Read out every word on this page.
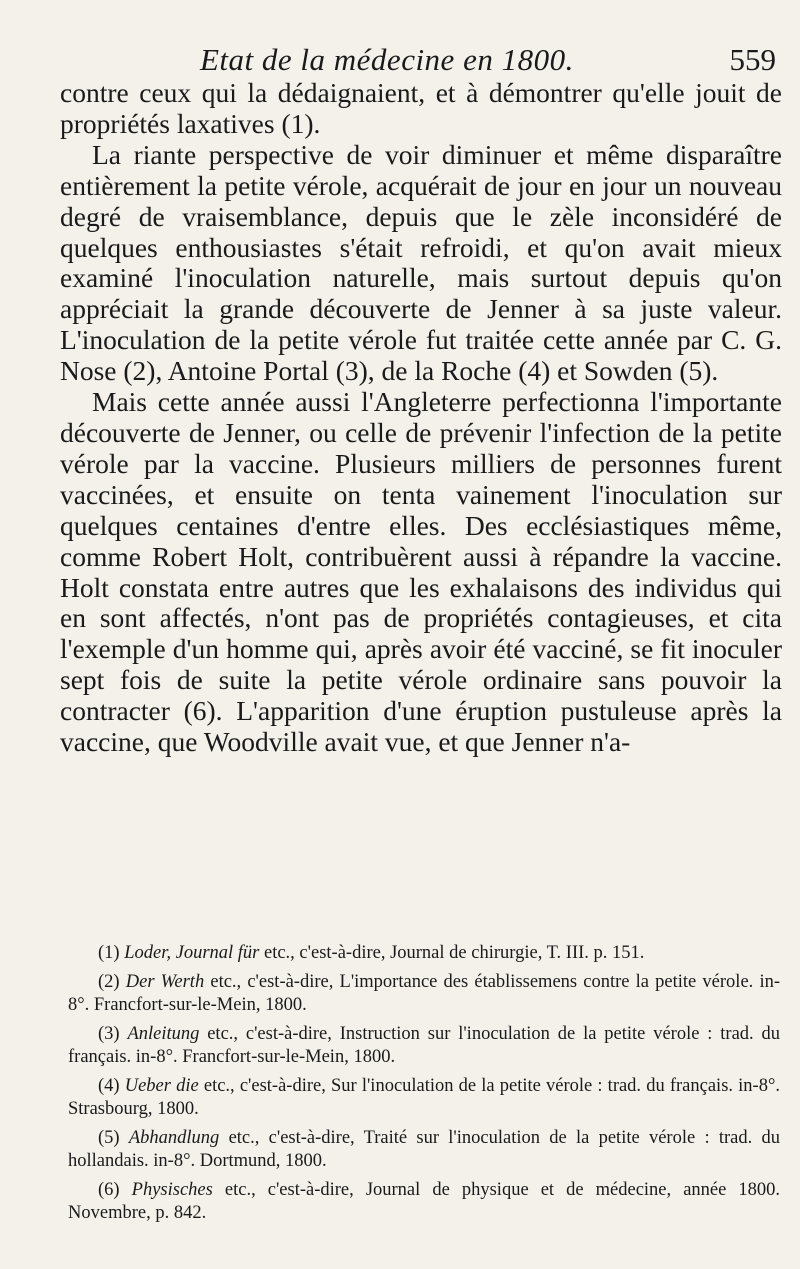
Etat de la médecine en 1800.	559

contre ceux qui la dédaignaient, et à démontrer qu'elle jouit de propriétés laxatives (1).

La riante perspective de voir diminuer et même disparaître entièrement la petite vérole, acquérait de jour en jour un nouveau degré de vraisemblance, depuis que le zèle inconsidéré de quelques enthousiastes s'était refroidi, et qu'on avait mieux examiné l'inoculation naturelle, mais surtout depuis qu'on appréciait la grande découverte de Jenner à sa juste valeur. L'inoculation de la petite vérole fut traitée cette année par C. G. Nose (2), Antoine Portal (3), de la Roche (4) et Sowden (5).

Mais cette année aussi l'Angleterre perfectionna l'importante découverte de Jenner, ou celle de prévenir l'infection de la petite vérole par la vaccine. Plusieurs milliers de personnes furent vaccinées, et ensuite on tenta vainement l'inoculation sur quelques centaines d'entre elles. Des ecclésiastiques même, comme Robert Holt, contribuèrent aussi à répandre la vaccine. Holt constata entre autres que les exhalaisons des individus qui en sont affectés, n'ont pas de propriétés contagieuses, et cita l'exemple d'un homme qui, après avoir été vacciné, se fit inoculer sept fois de suite la petite vérole ordinaire sans pouvoir la contracter (6). L'apparition d'une éruption pustuleuse après la vaccine, que Woodville avait vue, et que Jenner n'a-

(1) Loder, Journal für etc., c'est-à-dire, Journal de chirurgie, T. III. p. 151.

(2) Der Werth etc., c'est-à-dire, L'importance des établissemens contre la petite vérole. in-8°. Francfort-sur-le-Mein, 1800.

(3) Anleitung etc., c'est-à-dire, Instruction sur l'inoculation de la petite vérole : trad. du français. in-8°. Francfort-sur-le-Mein, 1800.

(4) Ueber die etc., c'est-à-dire, Sur l'inoculation de la petite vérole : trad. du français. in-8°. Strasbourg, 1800.

(5) Abhandlung etc., c'est-à-dire, Traité sur l'inoculation de la petite vérole : trad. du hollandais. in-8°. Dortmund, 1800.

(6) Physisches etc., c'est-à-dire, Journal de physique et de médecine, année 1800. Novembre, p. 842.
